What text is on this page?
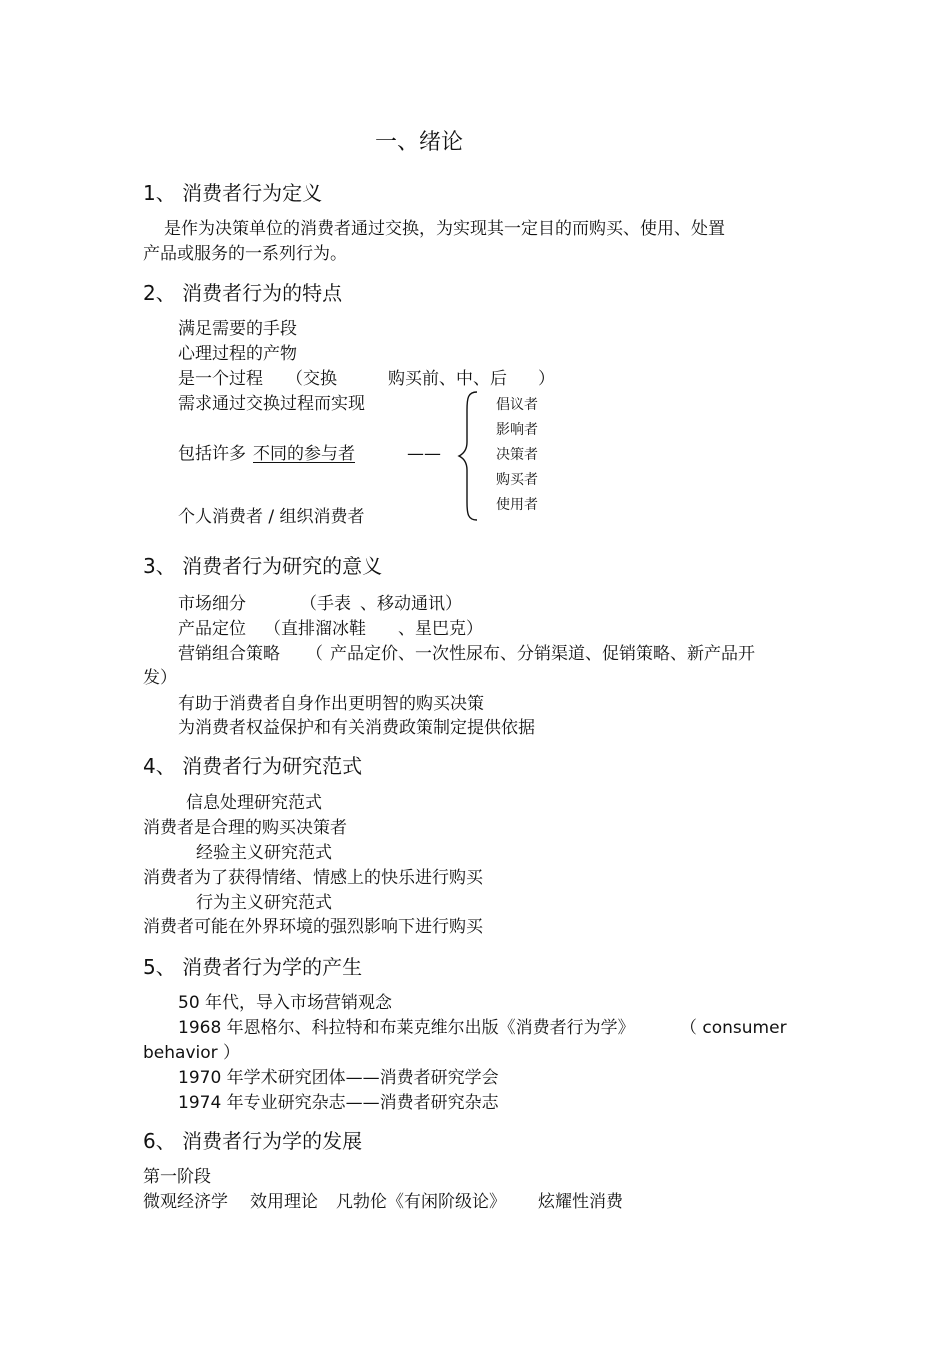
一、绪论
1、 消费者行为定义
是作为决策单位的消费者通过交换，为实现其一定目的而购买、使用、处置
产品或服务的一系列行为。
2、 消费者行为的特点
满足需要的手段
心理过程的产物
是一个过程 （交换	购买前、中、后 ）
需求通过交换过程而实现
包括许多 不同的参与者	——
个人消费者 / 组织消费者
倡议者
影响者
决策者
购买者
使用者
3、 消费者行为研究的意义
市场细分	（手表 、移动通讯）
产品定位 （直排溜冰鞋 、星巴克）
营销组合策略 （ 产品定价、一次性尿布、分销渠道、促销策略、新产品开
发）
有助于消费者自身作出更明智的购买决策
为消费者权益保护和有关消费政策制定提供依据
4、 消费者行为研究范式
信息处理研究范式
消费者是合理的购买决策者
经验主义研究范式
消费者为了获得情绪、情感上的快乐进行购买
行为主义研究范式
消费者可能在外界环境的强烈影响下进行购买
5、 消费者行为学的产生
50 年代，导入市场营销观念
1968 年恩格尔、科拉特和布莱克维尔出版《消费者行为学》	（ consumer
behavior ）
1970 年学术研究团体——消费者研究学会
1974 年专业研究杂志——消费者研究杂志
6、 消费者行为学的发展
第一阶段
微观经济学 效用理论 凡勃伦《有闲阶级论》 炫耀性消费
